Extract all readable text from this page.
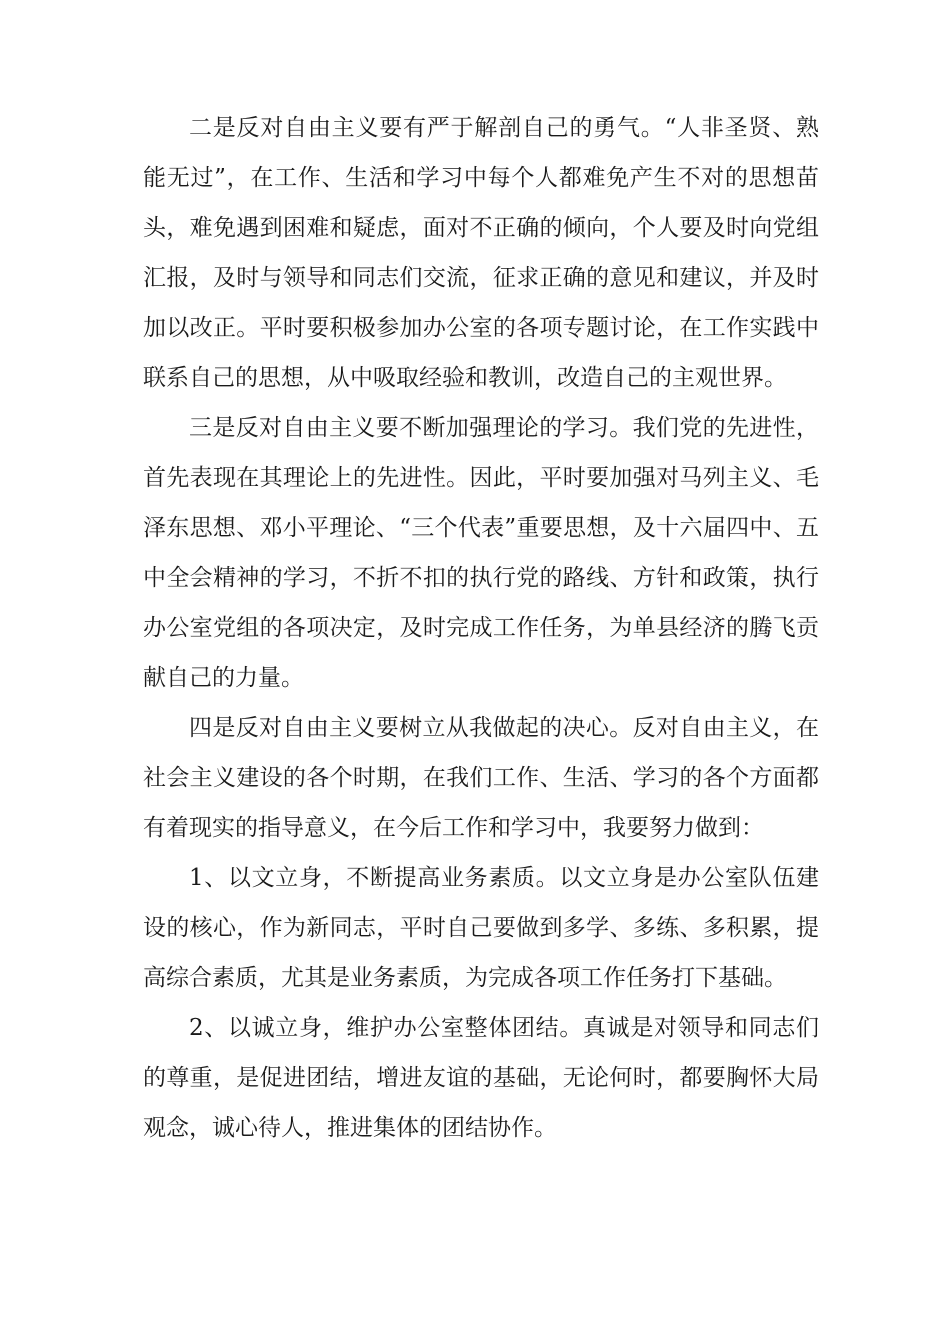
二是反对自由主义要有严于解剖自己的勇气。“人非圣贤、熟能无过”，在工作、生活和学习中每个人都难免产生不对的思想苗头，难免遇到困难和疑虑，面对不正确的倾向，个人要及时向党组汇报，及时与领导和同志们交流，征求正确的意见和建议，并及时加以改正。平时要积极参加办公室的各项专题讨论，在工作实践中联系自己的思想，从中吸取经验和教训，改造自己的主观世界。

三是反对自由主义要不断加强理论的学习。我们党的先进性，首先表现在其理论上的先进性。因此，平时要加强对马列主义、毛泽东思想、邓小平理论、“三个代表”重要思想，及十六届四中、五中全会精神的学习，不折不扣的执行党的路线、方针和政策，执行办公室党组的各项决定，及时完成工作任务，为单县经济的腾飞贡献自己的力量。

四是反对自由主义要树立从我做起的决心。反对自由主义，在社会主义建设的各个时期，在我们工作、生活、学习的各个方面都有着现实的指导意义，在今后工作和学习中，我要努力做到：

1、以文立身，不断提高业务素质。以文立身是办公室队伍建设的核心，作为新同志，平时自己要做到多学、多练、多积累，提高综合素质，尤其是业务素质，为完成各项工作任务打下基础。

2、以诚立身，维护办公室整体团结。真诚是对领导和同志们的尊重，是促进团结，增进友谊的基础，无论何时，都要胸怀大局观念，诚心待人，推进集体的团结协作。
